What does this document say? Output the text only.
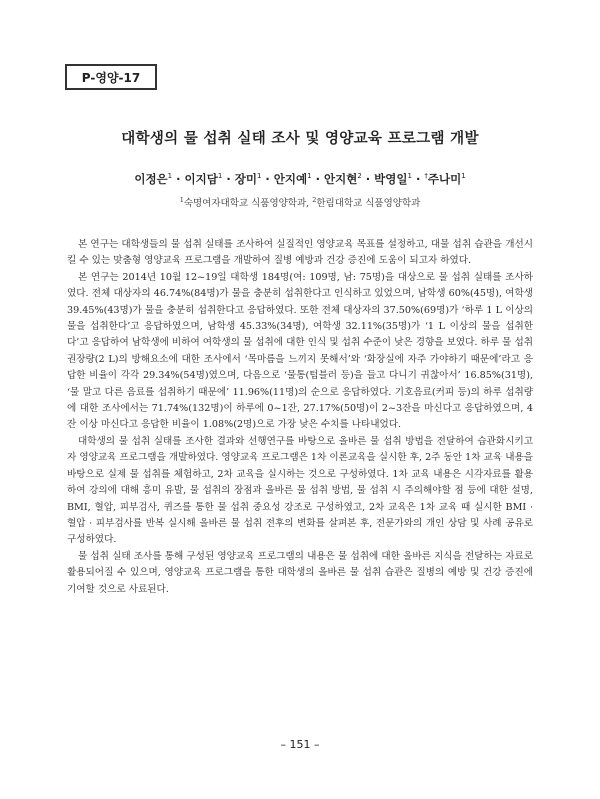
P-영양-17
대학생의 물 섭취 실태 조사 및 영양교육 프로그램 개발
이정은$^1$ · 이지담$^1$ · 장미$^1$ · 안지예$^1$ · 안지현$^2$ · 박영일$^1$ · †주나미$^1$
$^1$숙명여자대학교 식품영양학과, $^2$한림대학교 식품영양학과

본 연구는 대학생들의 물 섭취 실태를 조사하여 실질적인 영양교육 목표를 설정하고, 대물 섭취 습관을 개선시킬 수 있는 맞춤형 영양교육 프로그램을 개발하여 질병 예방과 건강 증진에 도움이 되고자 하였다.

본 연구는 2014년 10월 12~19일 대학생 184명(여: 109명, 남: 75명)을 대상으로 물 섭취 실태를 조사하였다. 전체 대상자의 46.74%(84명)가 물을 충분히 섭취한다고 인식하고 있었으며, 남학생 60%(45명), 여학생 39.45%(43명)가 물을 충분히 섭취한다고 응답하였다. 또한 전체 대상자의 37.50%(69명)가 ‘하루 1 L 이상의 물을 섭취한다’고 응답하였으며, 남학생 45.33%(34명), 여학생 32.11%(35명)가 ‘1 L 이상의 물을 섭취한다’고 응답하여 남학생에 비하여 여학생의 물 섭취에 대한 인식 및 섭취 수준이 낮은 경향을 보였다. 하루 물 섭취 권장량(2 L)의 방해요소에 대한 조사에서 ‘목마름을 느끼지 못해서’와 ‘화장실에 자주 가야하기 때문에’라고 응답한 비율이 각각 29.34%(54명)였으며, 다음으로 ‘물통(텀블러 등)을 들고 다니기 귀찮아서’ 16.85%(31명), ‘물 말고 다른 음료를 섭취하기 때문에’ 11.96%(11명)의 순으로 응답하였다. 기호음료(커피 등)의 하루 섭취량에 대한 조사에서는 71.74%(132명)이 하루에 0~1잔, 27.17%(50명)이 2~3잔을 마신다고 응답하였으며, 4잔 이상 마신다고 응답한 비율이 1.08%(2명)으로 가장 낮은 수치를 나타내었다.

대학생의 물 섭취 실태를 조사한 결과와 선행연구를 바탕으로 올바른 물 섭취 방법을 전달하여 습관화시키고자 영양교육 프로그램을 개발하였다. 영양교육 프로그램은 1차 이론교육을 실시한 후, 2주 동안 1차 교육 내용을 바탕으로 실제 물 섭취를 체험하고, 2차 교육을 실시하는 것으로 구성하였다. 1차 교육 내용은 시각자료를 활용하여 강의에 대해 흥미 유발, 물 섭취의 장점과 올바른 물 섭취 방법, 물 섭취 시 주의해야할 점 등에 대한 설명, BMI, 혈압, 피부검사, 퀴즈를 통한 물 섭취 중요성 강조로 구성하였고, 2차 교육은 1차 교육 때 실시한 BMI · 혈압 · 피부검사를 반복 실시해 올바른 물 섭취 전후의 변화를 살펴본 후, 전문가와의 개인 상담 및 사례 공유로 구성하였다.

물 섭취 실태 조사를 통해 구성된 영양교육 프로그램의 내용은 물 섭취에 대한 올바른 지식을 전달하는 자료로 활용되어질 수 있으며, 영양교육 프로그램을 통한 대학생의 올바른 물 섭취 습관은 질병의 예방 및 건강 증진에 기여할 것으로 사료된다.

– 151 –
